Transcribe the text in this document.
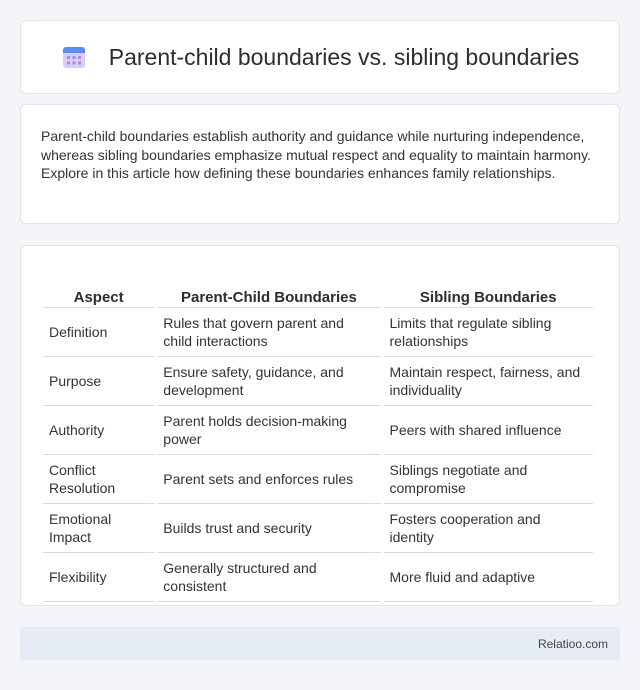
Parent-child boundaries vs. sibling boundaries

Parent-child boundaries establish authority and guidance while nurturing independence, whereas sibling boundaries emphasize mutual respect and equality to maintain harmony. Explore in this article how defining these boundaries enhances family relationships.

Aspect	Parent-Child Boundaries	Sibling Boundaries
Definition	Rules that govern parent and child interactions	Limits that regulate sibling relationships
Purpose	Ensure safety, guidance, and development	Maintain respect, fairness, and individuality
Authority	Parent holds decision-making power	Peers with shared influence
Conflict Resolution	Parent sets and enforces rules	Siblings negotiate and compromise
Emotional Impact	Builds trust and security	Fosters cooperation and identity
Flexibility	Generally structured and consistent	More fluid and adaptive
Relatioo.com
